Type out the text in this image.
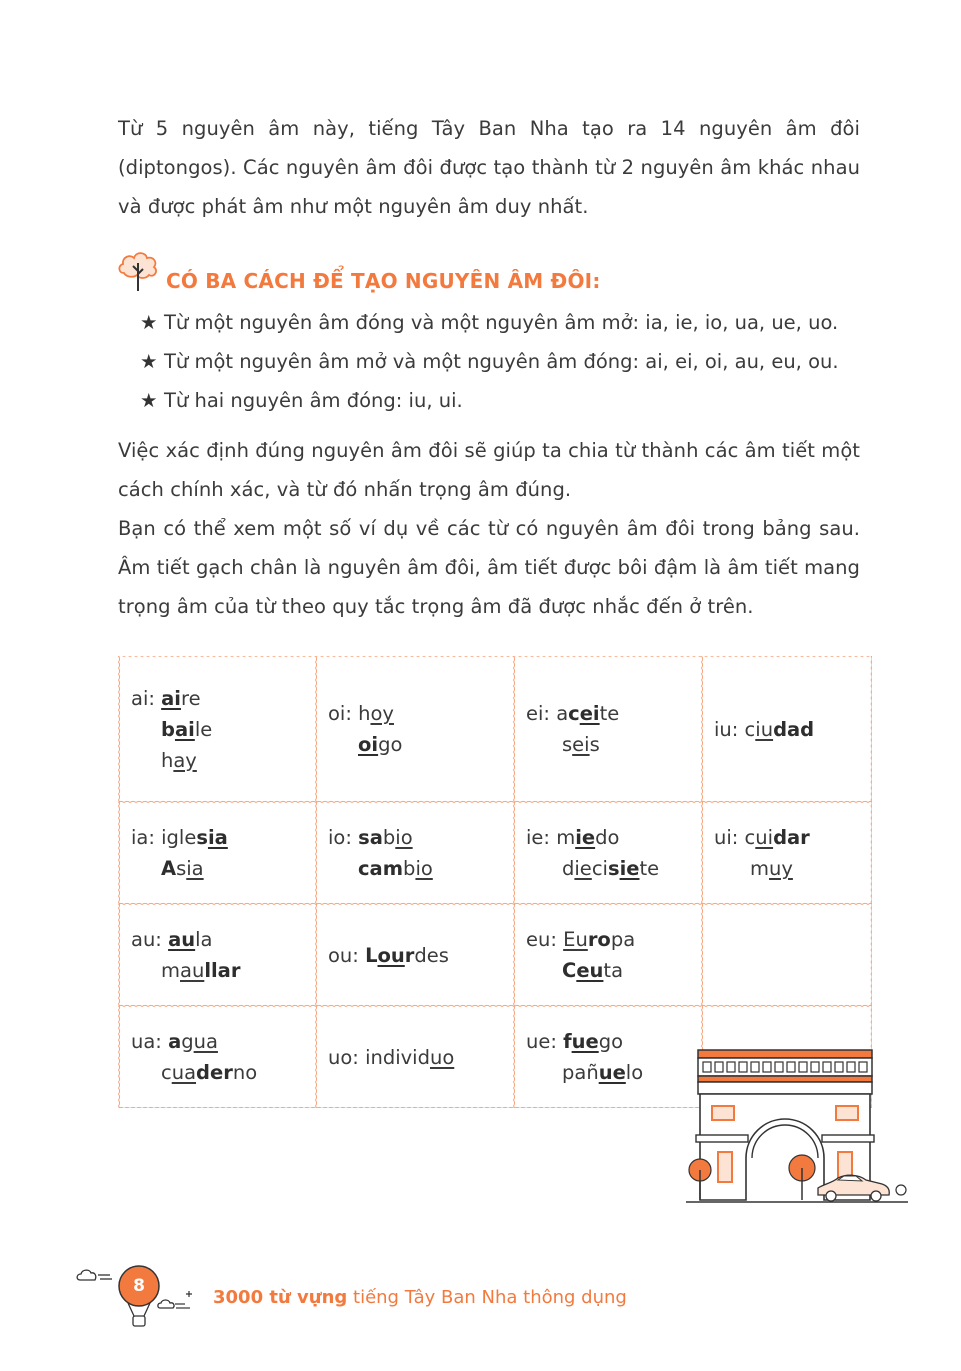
Từ 5 nguyên âm này, tiếng Tây Ban Nha tạo ra 14 nguyên âm đôi (diptongos). Các nguyên âm đôi được tạo thành từ 2 nguyên âm khác nhau và được phát âm như một nguyên âm duy nhất.
CÓ BA CÁCH ĐỂ TẠO NGUYÊN ÂM ĐÔI:
★ Từ một nguyên âm đóng và một nguyên âm mở: ia, ie, io, ua, ue, uo.
★ Từ một nguyên âm mở và một nguyên âm đóng: ai, ei, oi, au, eu, ou.
★ Từ hai nguyên âm đóng: iu, ui.
Việc xác định đúng nguyên âm đôi sẽ giúp ta chia từ thành các âm tiết một cách chính xác, và từ đó nhấn trọng âm đúng.
Bạn có thể xem một số ví dụ về các từ có nguyên âm đôi trong bảng sau. Âm tiết gạch chân là nguyên âm đôi, âm tiết được bôi đậm là âm tiết mang trọng âm của từ theo quy tắc trọng âm đã được nhắc đến ở trên.
ai: aire
baile
hay
oi: hoy
oigo
ei: aceite
seis
iu: ciudad
ia: iglesia
Asia
io: sabio
cambio
ie: miedo
diecisiete
ui: cuidar
muy
au: aula
maullar
ou: Lourdes
eu: Europa
Ceuta
ua: agua
cuaderno
uo: individuo
ue: fuego
pañuelo
8
3000 từ vựng tiếng Tây Ban Nha thông dụng
